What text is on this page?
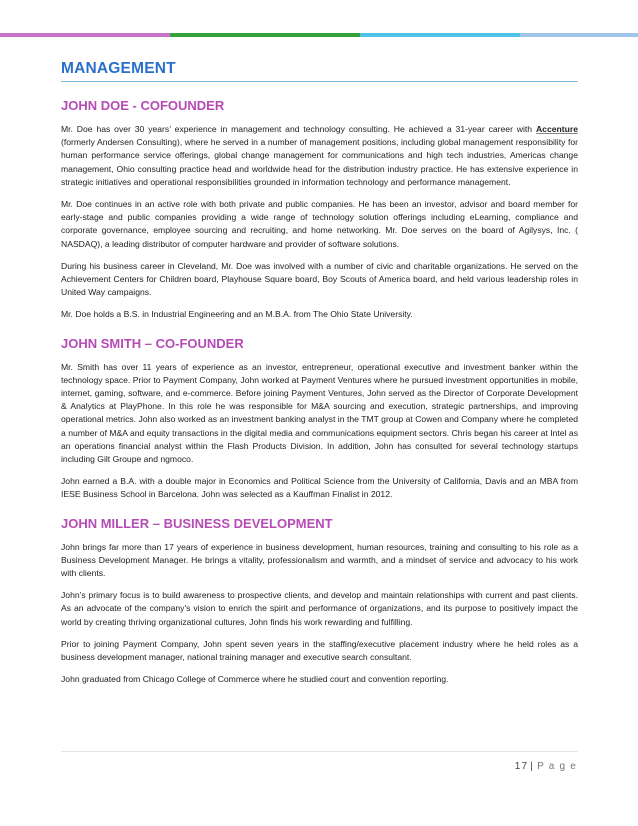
MANAGEMENT
JOHN DOE - COFOUNDER

Mr. Doe has over 30 years’ experience in management and technology consulting. He achieved a 31-year career with Accenture (formerly Andersen Consulting), where he served in a number of management positions, including global management responsibility for human performance service offerings, global change management for communications and high tech industries, Americas change management, Ohio consulting practice head and worldwide head for the distribution industry practice. He has extensive experience in strategic initiatives and operational responsibilities grounded in information technology and performance management.

Mr. Doe continues in an active role with both private and public companies. He has been an investor, advisor and board member for early-stage and public companies providing a wide range of technology solution offerings including eLearning, compliance and corporate governance, employee sourcing and recruiting, and home networking. Mr. Doe serves on the board of Agilysys, Inc. ( NASDAQ), a leading distributor of computer hardware and provider of software solutions.

During his business career in Cleveland, Mr. Doe was involved with a number of civic and charitable organizations. He served on the Achievement Centers for Children board, Playhouse Square board, Boy Scouts of America board, and held various leadership roles in United Way campaigns.

Mr. Doe holds a B.S. in Industrial Engineering and an M.B.A. from The Ohio State University.

JOHN SMITH – CO-FOUNDER

Mr. Smith has over 11 years of experience as an investor, entrepreneur, operational executive and investment banker within the technology space. Prior to Payment Company, John worked at Payment Ventures where he pursued investment opportunities in mobile, internet, gaming, software, and e-commerce. Before joining Payment Ventures, John served as the Director of Corporate Development & Analytics at PlayPhone. In this role he was responsible for M&A sourcing and execution, strategic partnerships, and improving operational metrics. John also worked as an investment banking analyst in the TMT group at Cowen and Company where he completed a number of M&A and equity transactions in the digital media and communications equipment sectors. Chris began his career at Intel as an operations financial analyst within the Flash Products Division. In addition, John has consulted for several technology startups including Gilt Groupe and ngmoco.

John earned a B.A. with a double major in Economics and Political Science from the University of California, Davis and an MBA from IESE Business School in Barcelona. John was selected as a Kauffman Finalist in 2012.

JOHN MILLER – BUSINESS DEVELOPMENT

John brings far more than 17 years of experience in business development, human resources, training and consulting to his role as a Business Development Manager. He brings a vitality, professionalism and warmth, and a mindset of service and advocacy to his work with clients.

John’s primary focus is to build awareness to prospective clients, and develop and maintain relationships with current and past clients. As an advocate of the company's vision to enrich the spirit and performance of organizations, and its purpose to positively impact the world by creating thriving organizational cultures, John finds his work rewarding and fulfilling.

Prior to joining Payment Company, John spent seven years in the staffing/executive placement industry where he held roles as a business development manager, national training manager and executive search consultant.

John graduated from Chicago College of Commerce where he studied court and convention reporting.

17 | P a g e
